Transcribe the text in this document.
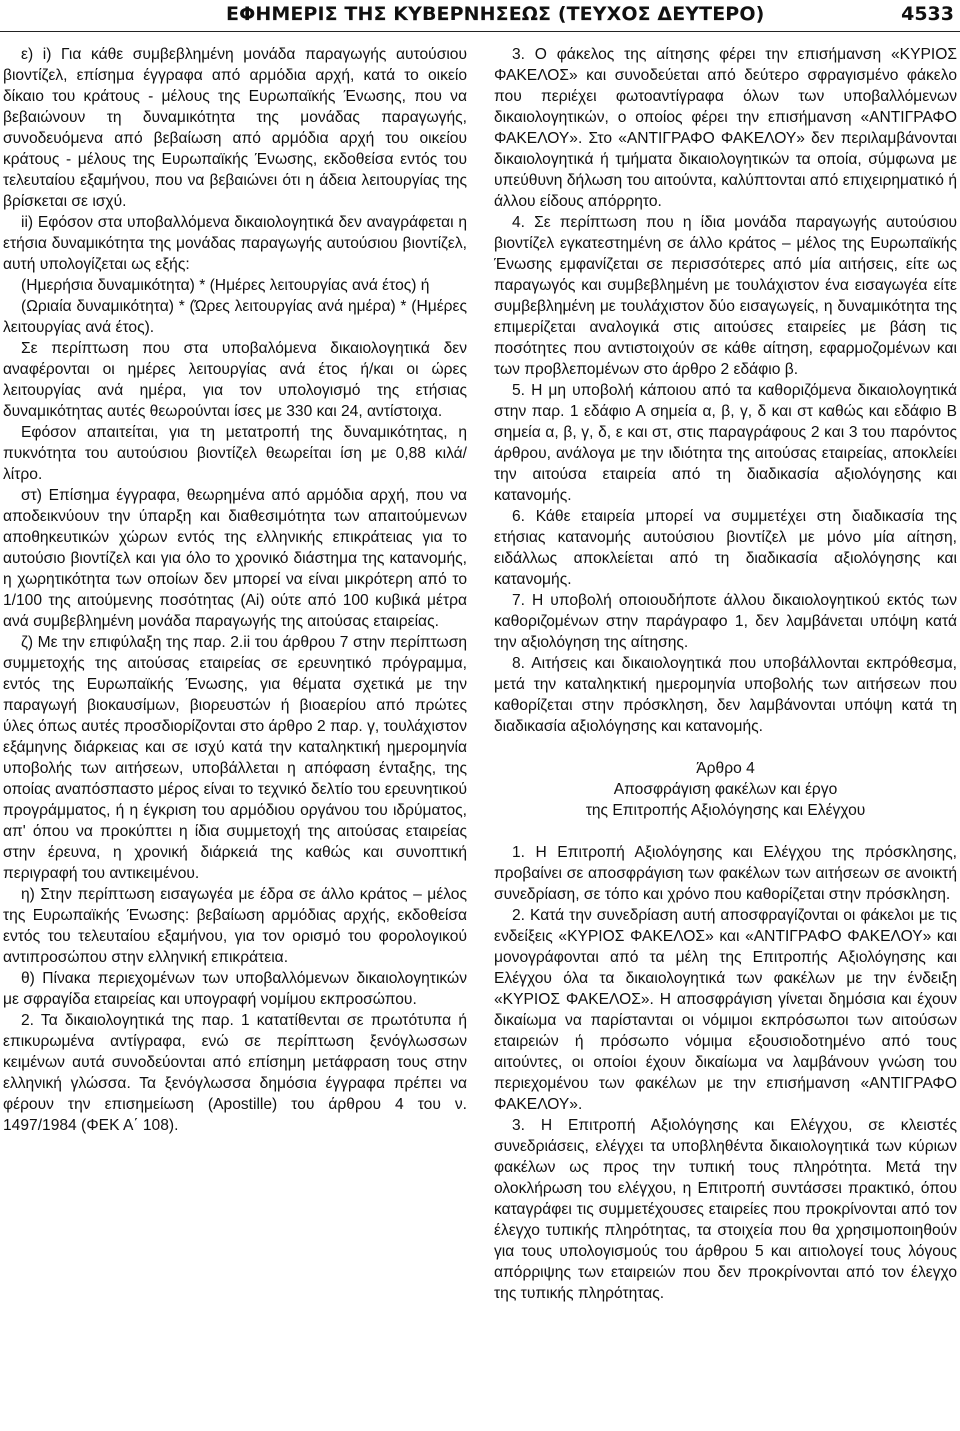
ΕΦΗΜΕΡΙΣ ΤΗΣ ΚΥΒΕΡΝΗΣΕΩΣ (ΤΕΥΧΟΣ ΔΕΥΤΕΡΟ)	4533

ε) i) Για κάθε συμβεβλημένη μονάδα παραγωγής αυτούσιου βιοντίζελ, επίσημα έγγραφα από αρμόδια αρχή, κατά το οικείο δίκαιο του κράτους - μέλους της Ευρωπαϊκής Ένωσης, που να βεβαιώνουν τη δυναμικότητα της μονάδας παραγωγής, συνοδευόμενα από βεβαίωση από αρμόδια αρχή του οικείου κράτους - μέλους της Ευρωπαϊκής Ένωσης, εκδοθείσα εντός του τελευταίου εξαμήνου, που να βεβαιώνει ότι η άδεια λειτουργίας της βρίσκεται σε ισχύ.

ii) Εφόσον στα υποβαλλόμενα δικαιολογητικά δεν αναγράφεται η ετήσια δυναμικότητα της μονάδας παραγωγής αυτούσιου βιοντίζελ, αυτή υπολογίζεται ως εξής:

(Ημερήσια δυναμικότητα) * (Ημέρες λειτουργίας ανά έτος) ή

(Ωριαία δυναμικότητα) * (Ώρες λειτουργίας ανά ημέρα) * (Ημέρες λειτουργίας ανά έτος).

Σε περίπτωση που στα υποβαλόμενα δικαιολογητικά δεν αναφέρονται οι ημέρες λειτουργίας ανά έτος ή/και οι ώρες λειτουργίας ανά ημέρα, για τον υπολογισμό της ετήσιας δυναμικότητας αυτές θεωρούνται ίσες με 330 και 24, αντίστοιχα.

Εφόσον απαιτείται, για τη μετατροπή της δυναμικότητας, η πυκνότητα του αυτούσιου βιοντίζελ θεωρείται ίση με 0,88 κιλά/λίτρο.

στ) Επίσημα έγγραφα, θεωρημένα από αρμόδια αρχή, που να αποδεικνύουν την ύπαρξη και διαθεσιμότητα των απαιτούμενων αποθηκευτικών χώρων εντός της ελληνικής επικράτειας για το αυτούσιο βιοντίζελ και για όλο το χρονικό διάστημα της κατανομής, η χωρητικότητα των οποίων δεν μπορεί να είναι μικρότερη από το 1/100 της αιτούμενης ποσότητας (Ai) ούτε από 100 κυβικά μέτρα ανά συμβεβλημένη μονάδα παραγωγής της αιτούσας εταιρείας.

ζ) Με την επιφύλαξη της παρ. 2.ii του άρθρου 7 στην περίπτωση συμμετοχής της αιτούσας εταιρείας σε ερευνητικό πρόγραμμα, εντός της Ευρωπαϊκής Ένωσης, για θέματα σχετικά με την παραγωγή βιοκαυσίμων, βιορευστών ή βιοαερίου από πρώτες ύλες όπως αυτές προσδιορίζονται στο άρθρο 2 παρ. γ, τουλάχιστον εξάμηνης διάρκειας και σε ισχύ κατά την καταληκτική ημερομηνία υποβολής των αιτήσεων, υποβάλλεται η απόφαση ένταξης, της οποίας αναπόσπαστο μέρος είναι το τεχνικό δελτίο του ερευνητικού προγράμματος, ή η έγκριση του αρμόδιου οργάνου του ιδρύματος, απ' όπου να προκύπτει η ίδια συμμετοχή της αιτούσας εταιρείας στην έρευνα, η χρονική διάρκειά της καθώς και συνοπτική περιγραφή του αντικειμένου.

η) Στην περίπτωση εισαγωγέα με έδρα σε άλλο κράτος – μέλος της Ευρωπαϊκής Ένωσης: βεβαίωση αρμόδιας αρχής, εκδοθείσα εντός του τελευταίου εξαμήνου, για τον ορισμό του φορολογικού αντιπροσώπου στην ελληνική επικράτεια.

θ) Πίνακα περιεχομένων των υποβαλλόμενων δικαιολογητικών με σφραγίδα εταιρείας και υπογραφή νομίμου εκπροσώπου.

2. Τα δικαιολογητικά της παρ. 1 κατατίθενται σε πρωτότυπα ή επικυρωμένα αντίγραφα, ενώ σε περίπτωση ξενόγλωσσων κειμένων αυτά συνοδεύονται από επίσημη μετάφραση τους στην ελληνική γλώσσα. Τα ξενόγλωσσα δημόσια έγγραφα πρέπει να φέρουν την επισημείωση (Apostille) του άρθρου 4 του ν. 1497/1984 (ΦΕΚ Α΄ 108).

3. Ο φάκελος της αίτησης φέρει την επισήμανση «ΚΥΡΙΟΣ ΦΑΚΕΛΟΣ» και συνοδεύεται από δεύτερο σφραγισμένο φάκελο που περιέχει φωτοαντίγραφα όλων των υποβαλλόμενων δικαιολογητικών, ο οποίος φέρει την επισήμανση «ΑΝΤΙΓΡΑΦΟ ΦΑΚΕΛΟΥ». Στο «ΑΝΤΙΓΡΑΦΟ ΦΑΚΕΛΟΥ» δεν περιλαμβάνονται δικαιολογητικά ή τμήματα δικαιολογητικών τα οποία, σύμφωνα με υπεύθυνη δήλωση του αιτούντα, καλύπτονται από επιχειρηματικό ή άλλου είδους απόρρητο.

4. Σε περίπτωση που η ίδια μονάδα παραγωγής αυτούσιου βιοντίζελ εγκατεστημένη σε άλλο κράτος – μέλος της Ευρωπαϊκής Ένωσης εμφανίζεται σε περισσότερες από μία αιτήσεις, είτε ως παραγωγός και συμβεβλημένη με τουλάχιστον ένα εισαγωγέα είτε συμβεβλημένη με τουλάχιστον δύο εισαγωγείς, η δυναμικότητα της επιμερίζεται αναλογικά στις αιτούσες εταιρείες με βάση τις ποσότητες που αντιστοιχούν σε κάθε αίτηση, εφαρμοζομένων και των προβλεπομένων στο άρθρο 2 εδάφιο β.

5. Η μη υποβολή κάποιου από τα καθοριζόμενα δικαιολογητικά στην παρ. 1 εδάφιο Α σημεία α, β, γ, δ και στ καθώς και εδάφιο Β σημεία α, β, γ, δ, ε και στ, στις παραγράφους 2 και 3 του παρόντος άρθρου, ανάλογα με την ιδιότητα της αιτούσας εταιρείας, αποκλείει την αιτούσα εταιρεία από τη διαδικασία αξιολόγησης και κατανομής.

6. Κάθε εταιρεία μπορεί να συμμετέχει στη διαδικασία της ετήσιας κατανομής αυτούσιου βιοντίζελ με μόνο μία αίτηση, ειδάλλως αποκλείεται από τη διαδικασία αξιολόγησης και κατανομής.

7. Η υποβολή οποιουδήποτε άλλου δικαιολογητικού εκτός των καθοριζομένων στην παράγραφο 1, δεν λαμβάνεται υπόψη κατά την αξιολόγηση της αίτησης.

8. Αιτήσεις και δικαιολογητικά που υποβάλλονται εκπρόθεσμα, μετά την καταληκτική ημερομηνία υποβολής των αιτήσεων που καθορίζεται στην πρόσκληση, δεν λαμβάνονται υπόψη κατά τη διαδικασία αξιολόγησης και κατανομής.

Άρθρο 4

Αποσφράγιση φακέλων και έργο

της Επιτροπής Αξιολόγησης και Ελέγχου

1. Η Επιτροπή Αξιολόγησης και Ελέγχου της πρόσκλησης, προβαίνει σε αποσφράγιση των φακέλων των αιτήσεων σε ανοικτή συνεδρίαση, σε τόπο και χρόνο που καθορίζεται στην πρόσκληση.

2. Κατά την συνεδρίαση αυτή αποσφραγίζονται οι φάκελοι με τις ενδείξεις «ΚΥΡΙΟΣ ΦΑΚΕΛΟΣ» και «ΑΝΤΙΓΡΑΦΟ ΦΑΚΕΛΟΥ» και μονογράφονται από τα μέλη της Επιτροπής Αξιολόγησης και Ελέγχου όλα τα δικαιολογητικά των φακέλων με την ένδειξη «ΚΥΡΙΟΣ ΦΑΚΕΛΟΣ». Η αποσφράγιση γίνεται δημόσια και έχουν δικαίωμα να παρίστανται οι νόμιμοι εκπρόσωποι των αιτούσων εταιρειών ή πρόσωπο νόμιμα εξουσιοδοτημένο από τους αιτούντες, οι οποίοι έχουν δικαίωμα να λαμβάνουν γνώση του περιεχομένου των φακέλων με την επισήμανση «ΑΝΤΙΓΡΑΦΟ ΦΑΚΕΛΟΥ».

3. Η Επιτροπή Αξιολόγησης και Ελέγχου, σε κλειστές συνεδριάσεις, ελέγχει τα υποβληθέντα δικαιολογητικά των κύριων φακέλων ως προς την τυπική τους πληρότητα. Μετά την ολοκλήρωση του ελέγχου, η Επιτροπή συντάσσει πρακτικό, όπου καταγράφει τις συμμετέχουσες εταιρείες που προκρίνονται από τον έλεγχο τυπικής πληρότητας, τα στοιχεία που θα χρησιμοποιηθούν για τους υπολογισμούς του άρθρου 5 και αιτιολογεί τους λόγους απόρριψης των εταιρειών που δεν προκρίνονται από τον έλεγχο της τυπικής πληρότητας.
